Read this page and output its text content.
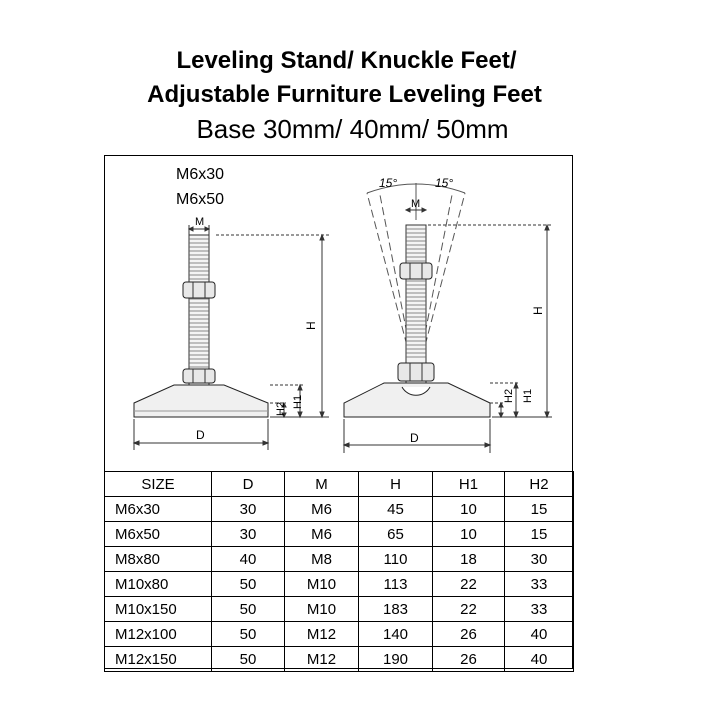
Leveling Stand/ Knuckle Feet/
Adjustable Furniture Leveling Feet
Base 30mm/ 40mm/ 50mm
M6x30
M6x50
M
H
H1
H2
D
15°	15°
M
H
H2 H1
D
SIZE	D	M	H	H1	H2
M6x30	30	M6	45	10	15
M6x50	30	M6	65	10	15
M8x80	40	M8	110	18	30
M10x80	50	M10	113	22	33
M10x150	50	M10	183	22	33
M12x100	50	M12	140	26	40
M12x150	50	M12	190	26	40
